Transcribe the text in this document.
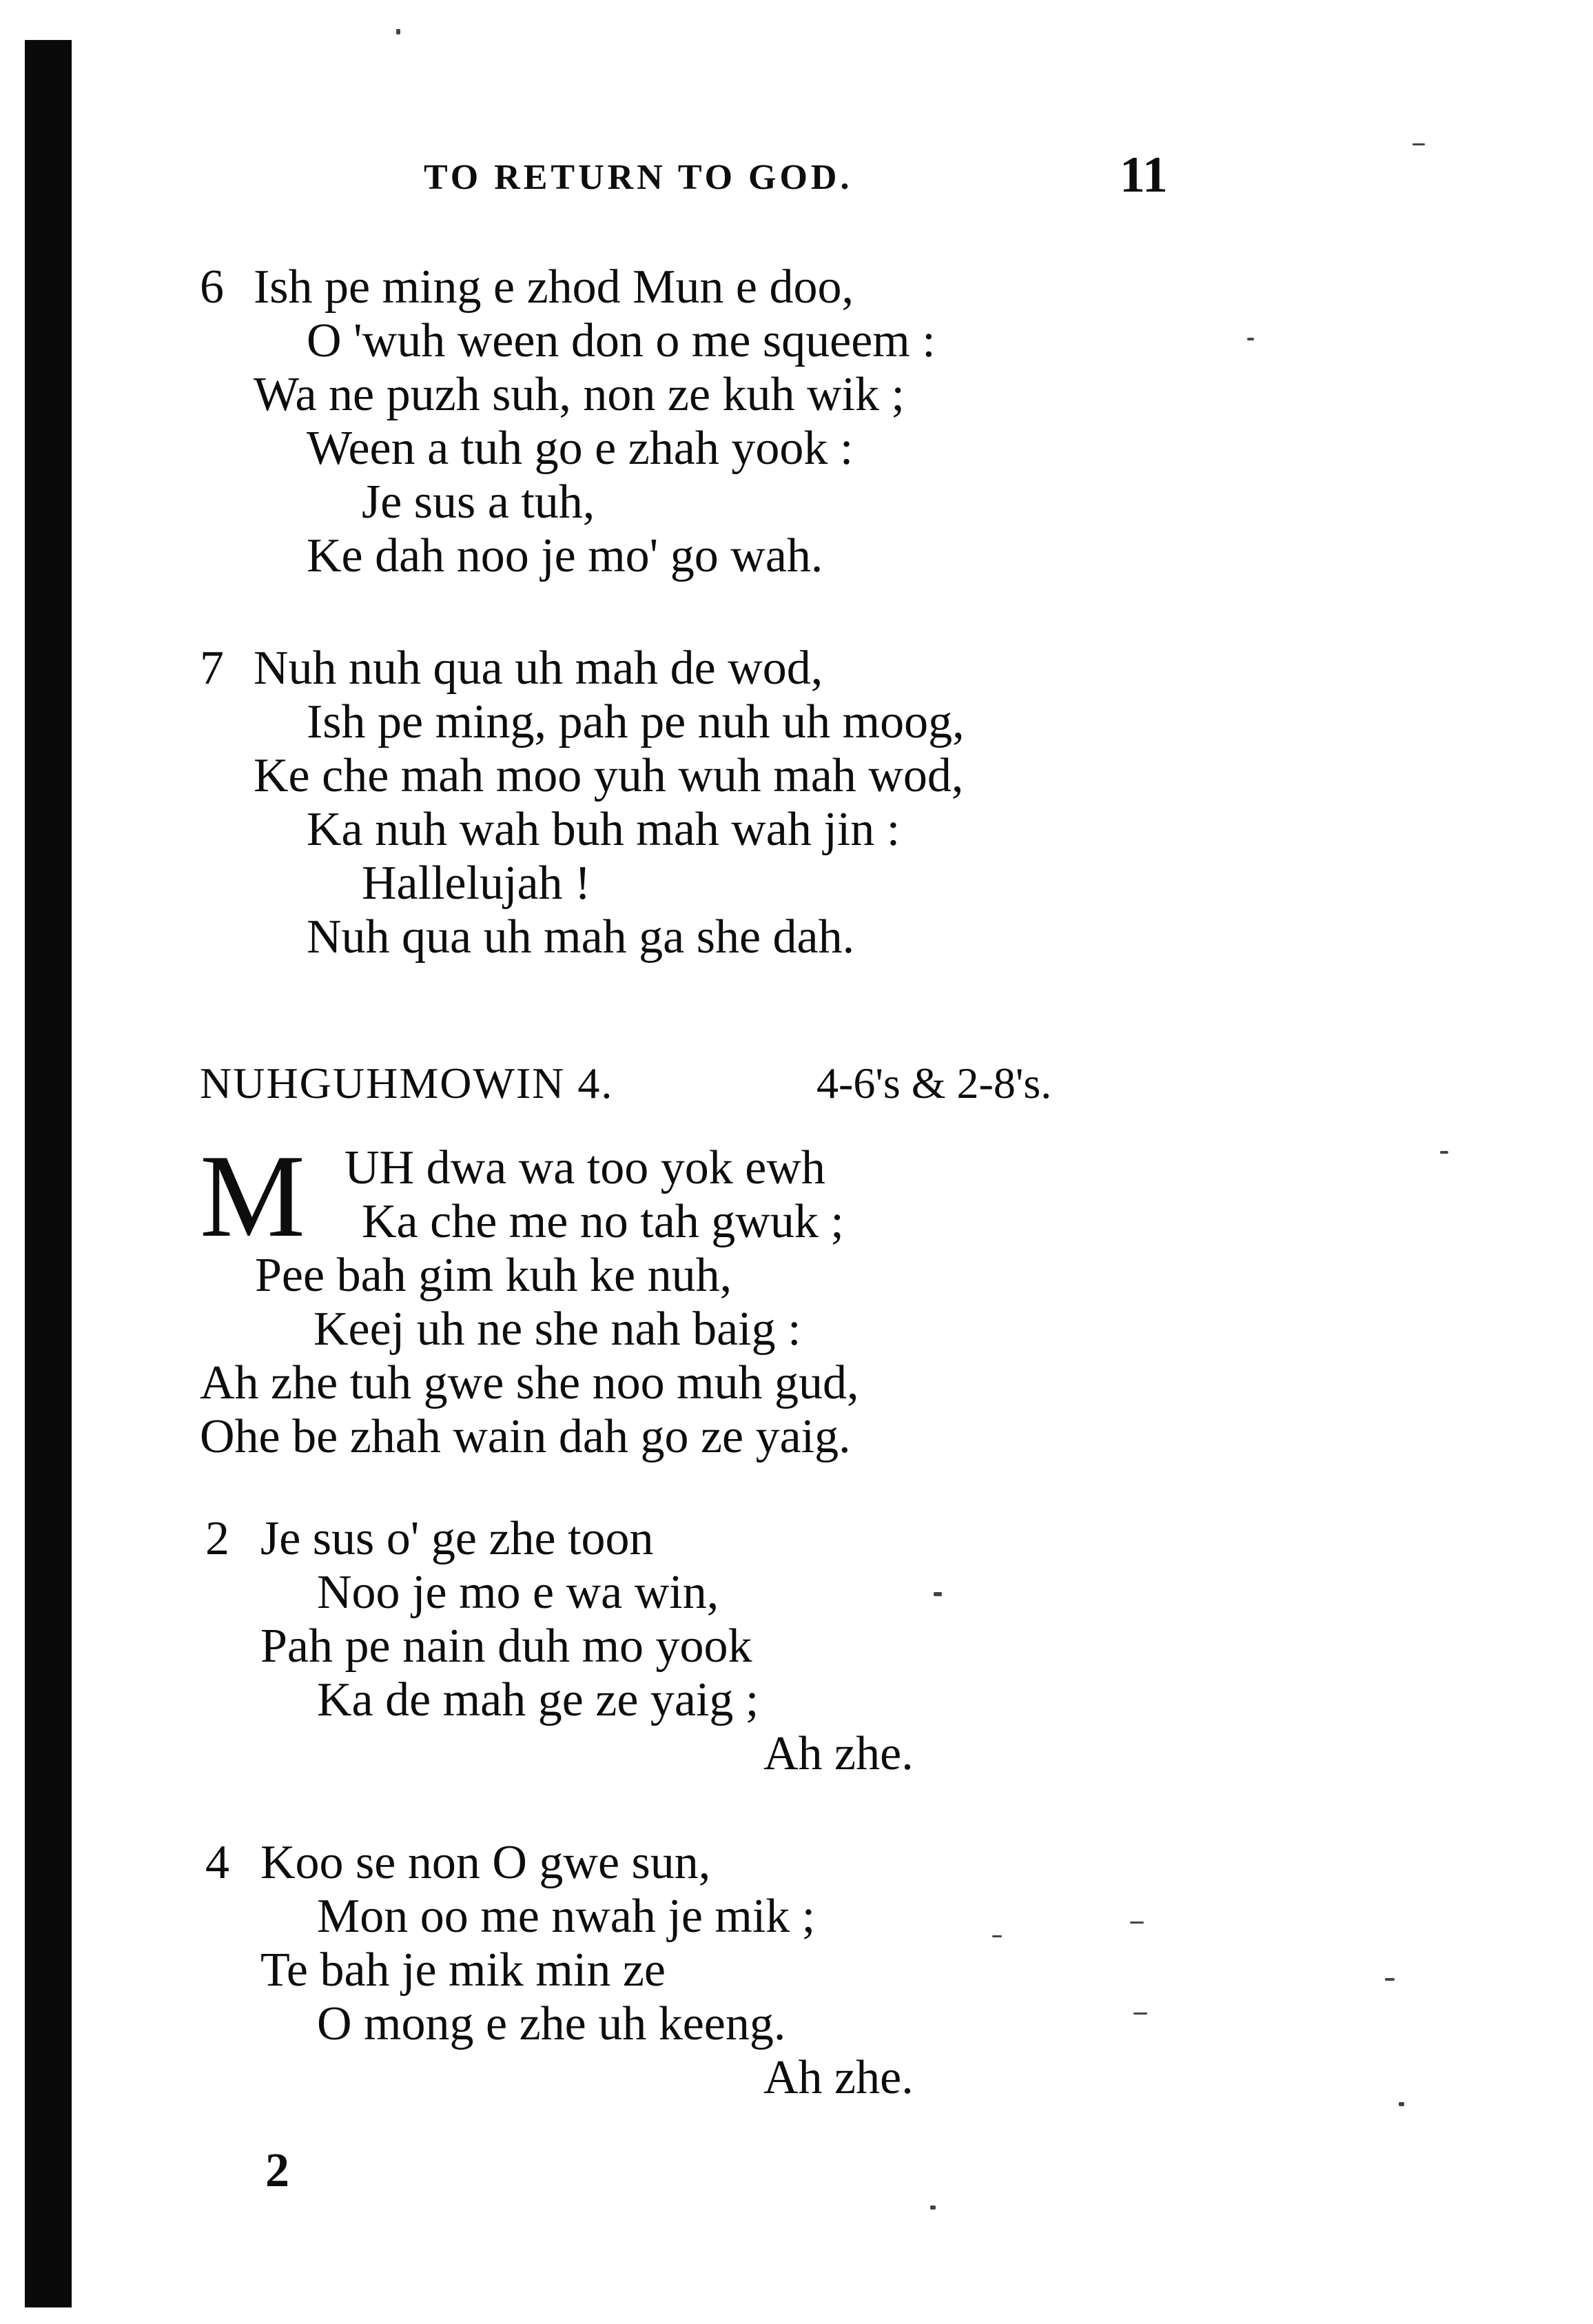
TO RETURN TO GOD.	11
6 Ish pe ming e zhod Mun e doo,
O 'wuh ween don o me squeem :
Wa ne puzh suh, non ze kuh wik ;
Ween a tuh go e zhah yook :
Je sus a tuh,
Ke dah noo je mo' go wah.
7 Nuh nuh qua uh mah de wod,
Ish pe ming, pah pe nuh uh moog,
Ke che mah moo yuh wuh mah wod,
Ka nuh wah buh mah wah jin :
Hallelujah !
Nuh qua uh mah ga she dah.
NUHGUHMOWIN 4.	4-6's & 2-8's.
M UH dwa wa too yok ewh
Ka che me no tah gwuk ;
Pee bah gim kuh ke nuh,
Keej uh ne she nah baig :
Ah zhe tuh gwe she noo muh gud,
Ohe be zhah wain dah go ze yaig.
2 Je sus o' ge zhe toon
Noo je mo e wa win,
Pah pe nain duh mo yook
Ka de mah ge ze yaig ;
Ah zhe.
4 Koo se non O gwe sun,
Mon oo me nwah je mik ;
Te bah je mik min ze
O mong e zhe uh keeng.
Ah zhe.
2
